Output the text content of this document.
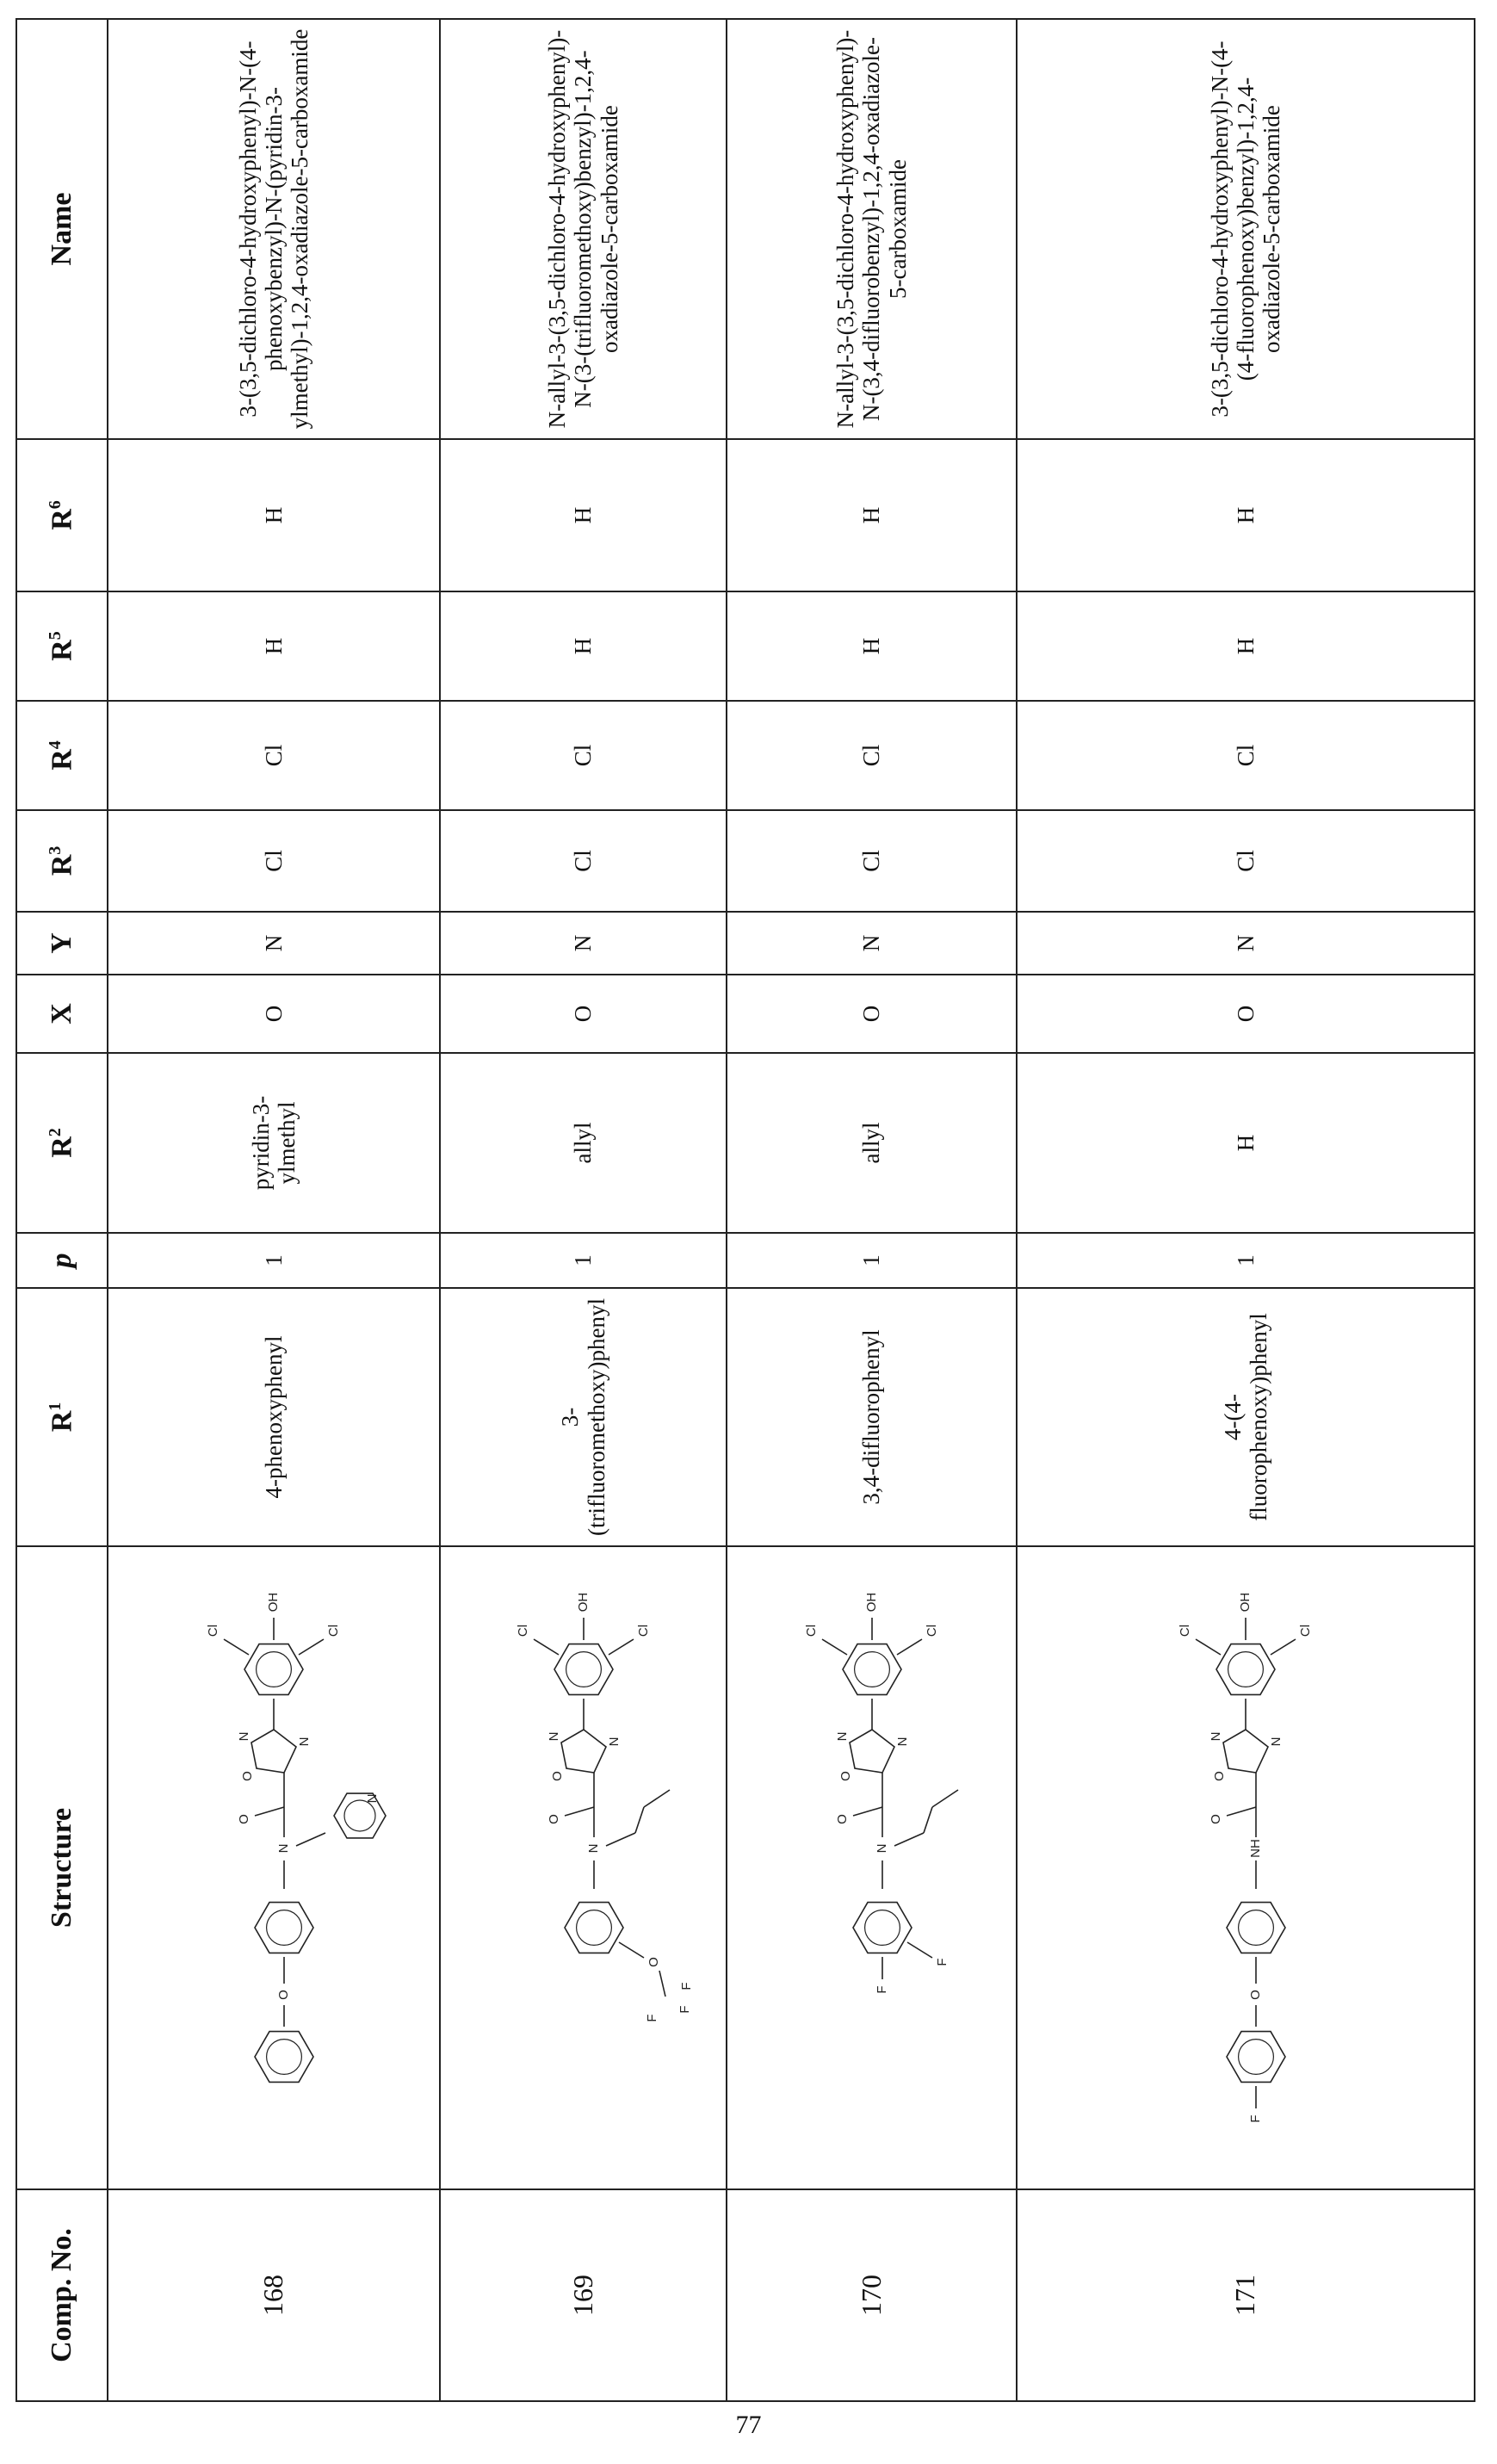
Comp. No.	Structure	R1	p	R2	X	Y	R3	R4	R5	R6	Name
168	
OH
Cl	Cl
N
N
O
O
N
N
O
	4-phenoxyphenyl	1	pyridin-3-ylmethyl	O	N	Cl	Cl	H	H	3-(3,5-dichloro-4-hydroxyphenyl)-N-(4-phenoxybenzyl)-N-(pyridin-3-ylmethyl)-1,2,4-oxadiazole-5-carboxamide
169	
OH
Cl	Cl
N
N
O
O
N
O
F
F
F
	3-(trifluoromethoxy)phenyl	1	allyl	O	N	Cl	Cl	H	H	N-allyl-3-(3,5-dichloro-4-hydroxyphenyl)-N-(3-(trifluoromethoxy)benzyl)-1,2,4-oxadiazole-5-carboxamide
170	
OH
Cl	Cl
N
N
O
O
N
F
F
	3,4-difluorophenyl	1	allyl	O	N	Cl	Cl	H	H	N-allyl-3-(3,5-dichloro-4-hydroxyphenyl)-N-(3,4-difluorobenzyl)-1,2,4-oxadiazole-5-carboxamide
171	
OH
Cl	Cl
N
N
O
O
NH
O
F
	4-(4-fluorophenoxy)phenyl	1	H	O	N	Cl	Cl	H	H	3-(3,5-dichloro-4-hydroxyphenyl)-N-(4-(4-fluorophenoxy)benzyl)-1,2,4-oxadiazole-5-carboxamide
77
